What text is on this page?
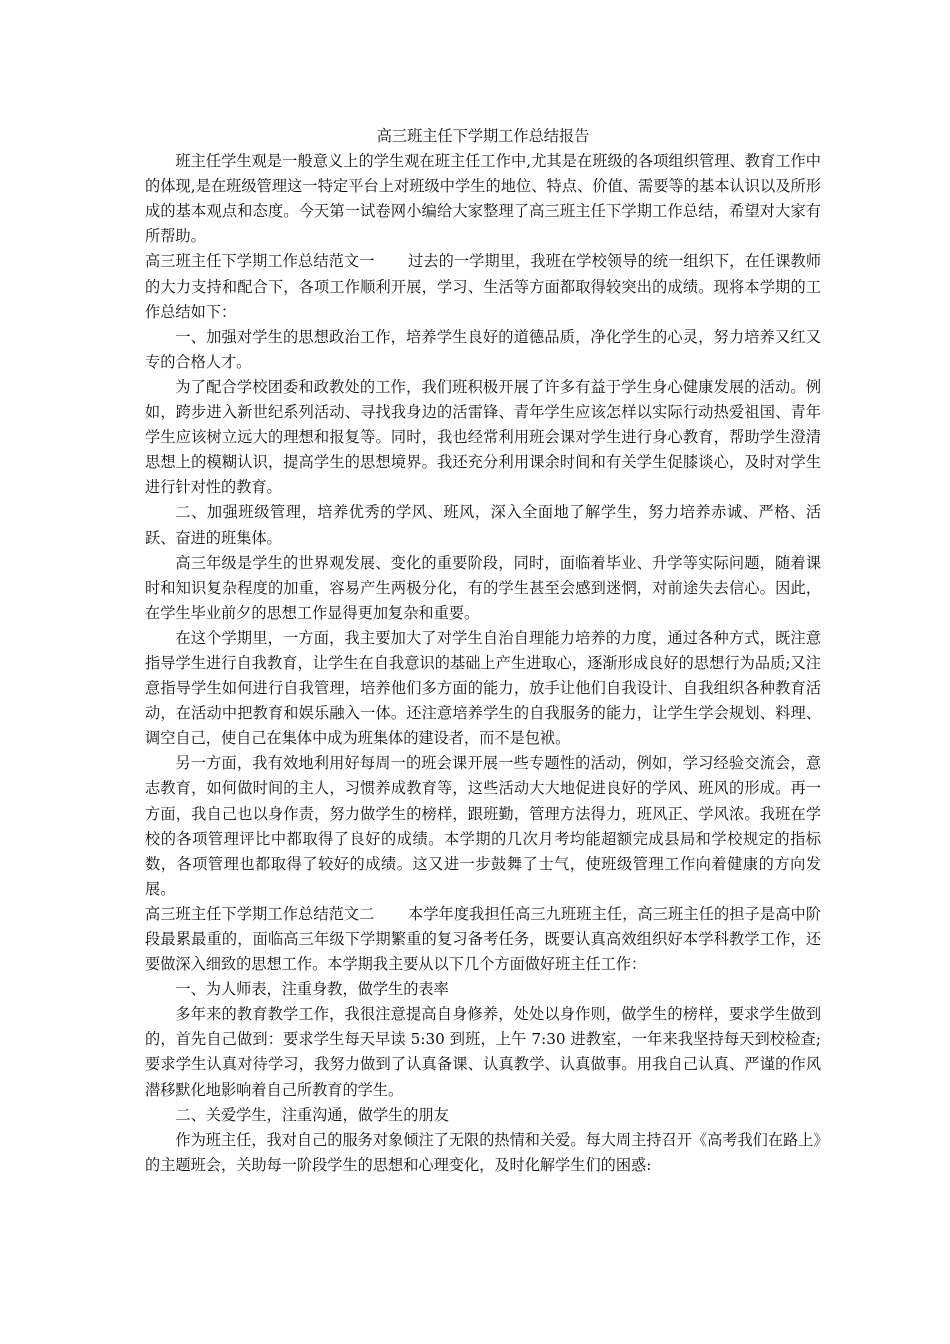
高三班主任下学期工作总结报告

班主任学生观是一般意义上的学生观在班主任工作中,尤其是在班级的各项组织管理、教育工作中的体现,是在班级管理这一特定平台上对班级中学生的地位、特点、价值、需要等的基本认识以及所形成的基本观点和态度。今天第一试卷网小编给大家整理了高三班主任下学期工作总结，希望对大家有所帮助。

高三班主任下学期工作总结范文一 过去的一学期里，我班在学校领导的统一组织下，在任课教师的大力支持和配合下，各项工作顺利开展，学习、生活等方面都取得较突出的成绩。现将本学期的工作总结如下：

一、加强对学生的思想政治工作，培养学生良好的道德品质，净化学生的心灵，努力培养又红又专的合格人才。

为了配合学校团委和政教处的工作，我们班积极开展了许多有益于学生身心健康发展的活动。例如，跨步进入新世纪系列活动、寻找我身边的活雷锋、青年学生应该怎样以实际行动热爱祖国、青年学生应该树立远大的理想和报复等。同时，我也经常利用班会课对学生进行身心教育，帮助学生澄清思想上的模糊认识，提高学生的思想境界。我还充分利用课余时间和有关学生促膝谈心，及时对学生进行针对性的教育。

二、加强班级管理，培养优秀的学风、班风，深入全面地了解学生，努力培养赤诚、严格、活跃、奋进的班集体。

高三年级是学生的世界观发展、变化的重要阶段，同时，面临着毕业、升学等实际问题，随着课时和知识复杂程度的加重，容易产生两极分化，有的学生甚至会感到迷惘，对前途失去信心。因此，在学生毕业前夕的思想工作显得更加复杂和重要。

在这个学期里，一方面，我主要加大了对学生自治自理能力培养的力度，通过各种方式，既注意指导学生进行自我教育，让学生在自我意识的基础上产生进取心，逐渐形成良好的思想行为品质;又注意指导学生如何进行自我管理，培养他们多方面的能力，放手让他们自我设计、自我组织各种教育活动，在活动中把教育和娱乐融入一体。还注意培养学生的自我服务的能力，让学生学会规划、料理、调空自己，使自己在集体中成为班集体的建设者，而不是包袱。

另一方面，我有效地利用好每周一的班会课开展一些专题性的活动，例如，学习经验交流会，意志教育，如何做时间的主人，习惯养成教育等，这些活动大大地促进良好的学风、班风的形成。再一方面，我自己也以身作责，努力做学生的榜样，跟班勤，管理方法得力，班风正、学风浓。我班在学校的各项管理评比中都取得了良好的成绩。本学期的几次月考均能超额完成县局和学校规定的指标数，各项管理也都取得了较好的成绩。这又进一步鼓舞了士气，使班级管理工作向着健康的方向发展。

高三班主任下学期工作总结范文二 本学年度我担任高三九班班主任，高三班主任的担子是高中阶段最累最重的，面临高三年级下学期繁重的复习备考任务，既要认真高效组织好本学科教学工作，还要做深入细致的思想工作。本学期我主要从以下几个方面做好班主任工作：

一、为人师表，注重身教，做学生的表率

多年来的教育教学工作，我很注意提高自身修养，处处以身作则，做学生的榜样，要求学生做到的，首先自己做到：要求学生每天早读 5:30 到班，上午 7:30 进教室，一年来我坚持每天到校检查;要求学生认真对待学习，我努力做到了认真备课、认真教学、认真做事。用我自己认真、严谨的作风潜移默化地影响着自己所教育的学生。

二、关爱学生，注重沟通，做学生的朋友

作为班主任，我对自己的服务对象倾注了无限的热情和关爱。每大周主持召开《高考我们在路上》的主题班会，关助每一阶段学生的思想和心理变化，及时化解学生们的困惑:
